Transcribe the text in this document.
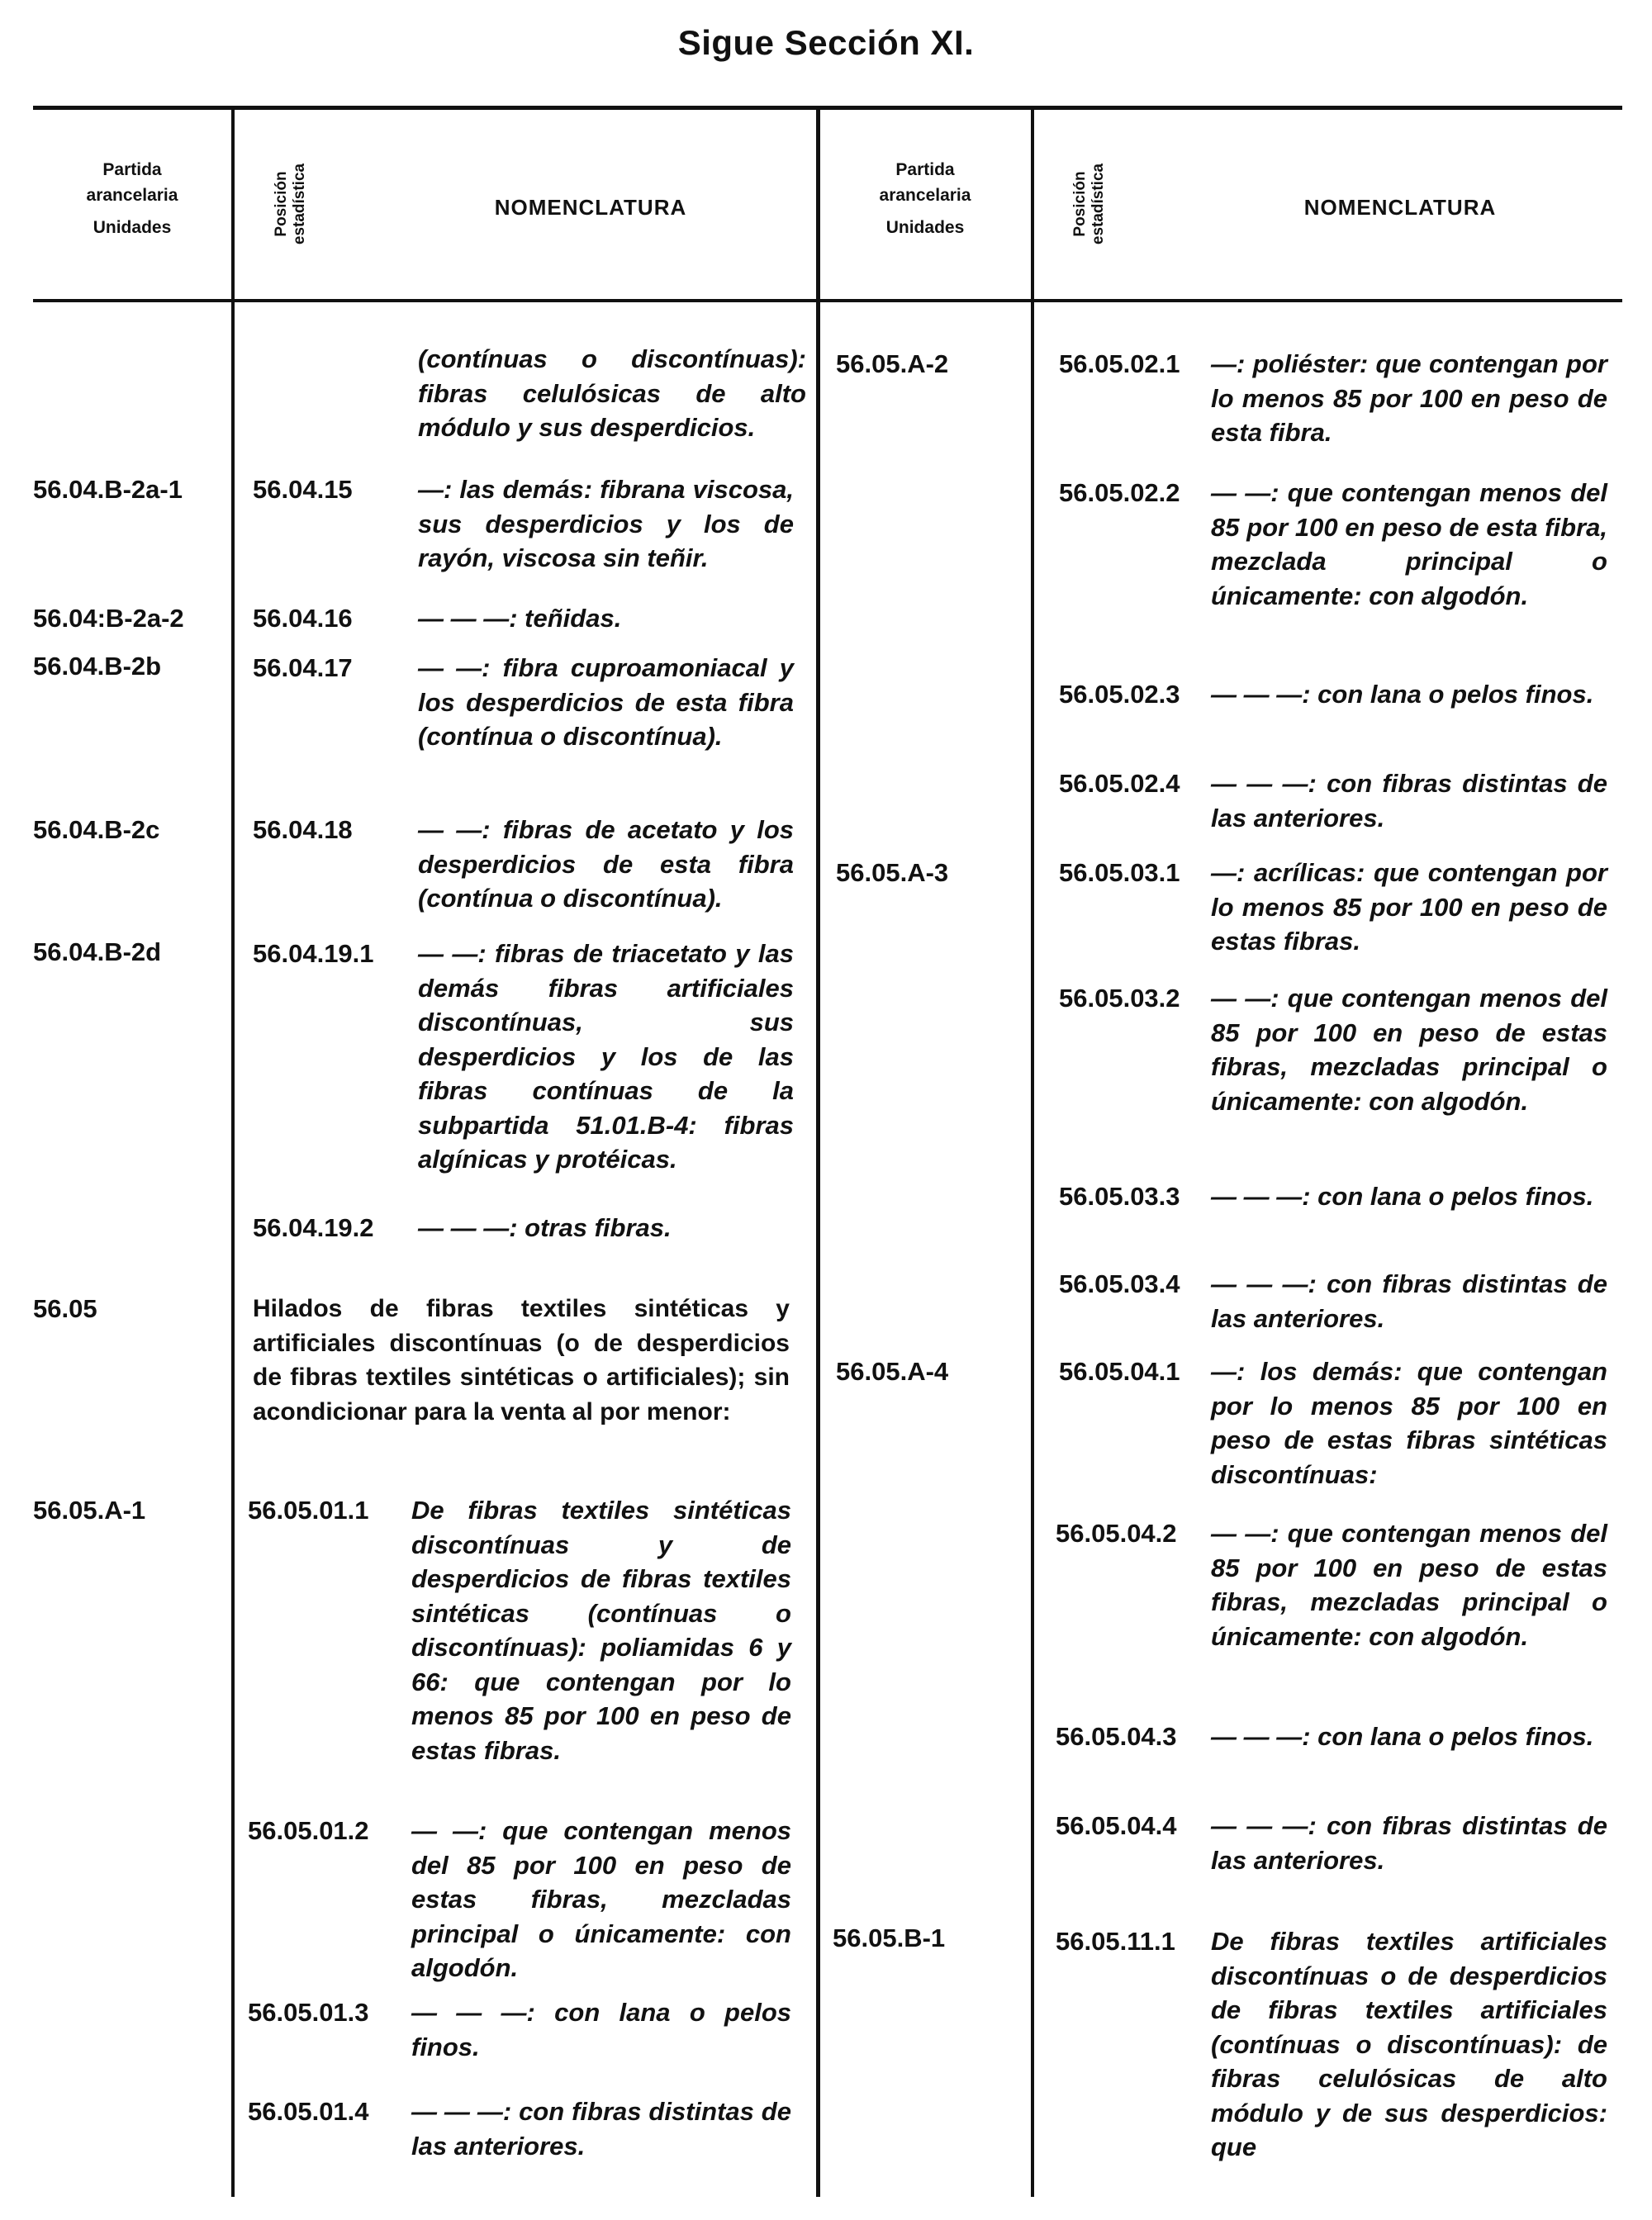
Sigue Sección XI.
Partida
arancelaria
Unidades	Posición estadística	NOMENCLATURA
Partida
arancelaria
Unidades	Posición estadística	NOMENCLATURA
(contínuas o discontínuas): fibras celulósicas de alto módulo y sus desperdicios.
56.04.B-2a-1	56.04.15	—: las demás: fibrana viscosa, sus desperdicios y los de rayón, viscosa sin teñir.
56.04:B-2a-2	56.04.16	— — —: teñidas.
56.04.B-2b	56.04.17	— —: fibra cuproamoniacal y los desperdicios de esta fibra (contínua o discontínua).
56.04.B-2c	56.04.18	— —: fibras de acetato y los desperdicios de esta fibra (contínua o discontínua).
56.04.B-2d	56.04.19.1 — —: fibras de triacetato y las demás fibras artificiales discontínuas, sus desperdicios y los de las fibras contínuas de la subpartida 51.01.B-4: fibras algínicas y protéicas.
56.04.19.2 — — —: otras fibras.
56.05	Hilados de fibras textiles sintéticas y artificiales discontínuas (o de desperdicios de fibras textiles sintéticas o artificiales); sin acondicionar para la venta al por menor:
56.05.A-1	56.05.01.1 De fibras textiles sintéticas discontínuas y de desperdicios de fibras textiles sintéticas (contínuas o discontínuas): poliamidas 6 y 66: que contengan por lo menos 85 por 100 en peso de estas fibras.
56.05.01.2 — —: que contengan menos del 85 por 100 en peso de estas fibras, mezcladas principal o únicamente: con algodón.
56.05.01.3 — — —: con lana o pelos finos.
56.05.01.4 — — —: con fibras distintas de las anteriores.
56.05.A-2	56.05.02.1 —: poliéster: que contengan por lo menos 85 por 100 en peso de esta fibra.
56.05.02.2 — —: que contengan menos del 85 por 100 en peso de esta fibra, mezclada principal o únicamente: con algodón.
56.05.02.3 — — —: con lana o pelos finos.
56.05.02.4 — — —: con fibras distintas de las anteriores.
56.05.A-3	56.05.03.1 —: acrílicas: que contengan por lo menos 85 por 100 en peso de estas fibras.
56.05.03.2 — —: que contengan menos del 85 por 100 en peso de estas fibras, mezcladas principal o únicamente: con algodón.
56.05.03.3 — — —: con lana o pelos finos.
56.05.03.4 — — —: con fibras distintas de las anteriores.
56.05.A-4	56.05.04.1 —: los demás: que contengan por lo menos 85 por 100 en peso de estas fibras sintéticas discontínuas:
56.05.04.2 — —: que contengan menos del 85 por 100 en peso de estas fibras, mezcladas principal o únicamente: con algodón.
56.05.04.3 — — —: con lana o pelos finos.
56.05.04.4 — — —: con fibras distintas de las anteriores.
56.05.B-1	56.05.11.1 De fibras textiles artificiales discontínuas o de desperdicios de fibras textiles artificiales (contínuas o discontínuas): de fibras celulósicas de alto módulo y de sus desperdicios: que
